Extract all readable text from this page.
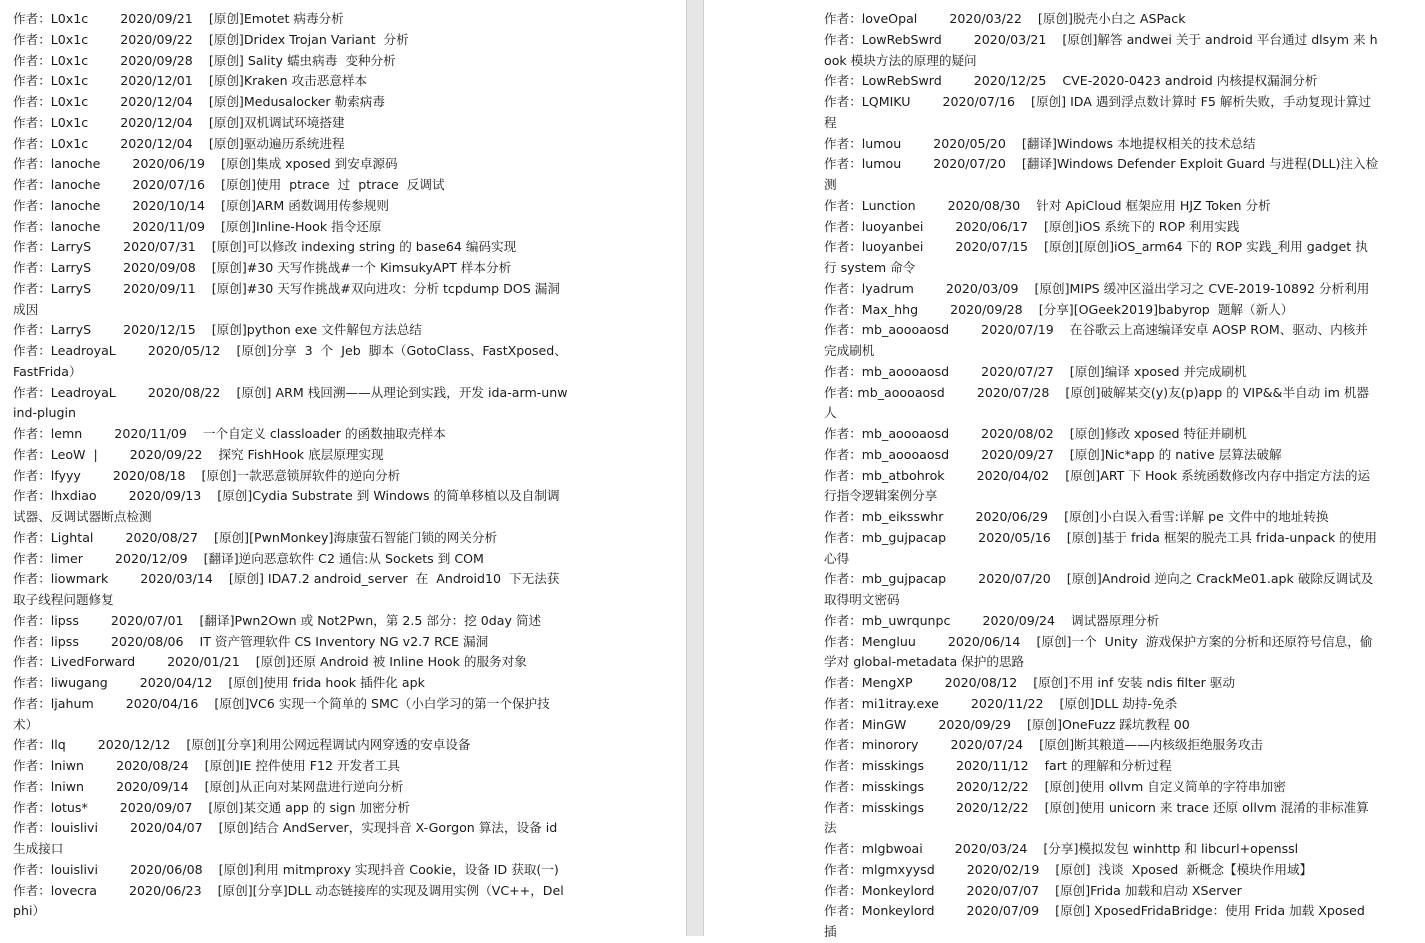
作者：L0x1c        2020/09/21    [原创]Emotet 病毒分析
作者：L0x1c        2020/09/22    [原创]Dridex Trojan Variant  分析
作者：L0x1c        2020/09/28    [原创] Sality 蠕虫病毒  变种分析
作者：L0x1c        2020/12/01    [原创]Kraken 攻击恶意样本
作者：L0x1c        2020/12/04    [原创]Medusalocker 勒索病毒
作者：L0x1c        2020/12/04    [原创]双机调试环境搭建
作者：L0x1c        2020/12/04    [原创]驱动遍历系统进程
作者：lanoche        2020/06/19    [原创]集成 xposed 到安卓源码
作者：lanoche        2020/07/16    [原创]使用  ptrace  过  ptrace  反调试
作者：lanoche        2020/10/14    [原创]ARM 函数调用传参规则
作者：lanoche        2020/11/09    [原创]Inline-Hook 指令还原
作者：LarryS        2020/07/31    [原创]可以修改 indexing string 的 base64 编码实现
作者：LarryS        2020/09/08    [原创]#30 天写作挑战#一个 KimsukyAPT 样本分析
作者：LarryS        2020/09/11    [原创]#30 天写作挑战#双向进攻：分析 tcpdump DOS 漏洞成因
作者：LarryS        2020/12/15    [原创]python exe 文件解包方法总结
作者：LeadroyaL        2020/05/12    [原创]分享  3  个  Jeb  脚本（GotoClass、FastXposed、FastFrida）
作者：LeadroyaL        2020/08/22    [原创] ARM 栈回溯——从理论到实践，开发 ida-arm-unwind-plugin
作者：lemn        2020/11/09    一个自定义 classloader 的函数抽取壳样本
作者：LeoW  |        2020/09/22    探究 FishHook 底层原理实现
作者：lfyyy        2020/08/18    [原创]一款恶意锁屏软件的逆向分析
作者：lhxdiao        2020/09/13    [原创]Cydia Substrate 到 Windows 的简单移植以及自制调试器、反调试器断点检测
作者：Lightal        2020/08/27    [原创][PwnMonkey]海康萤石智能门锁的网关分析
作者：limer        2020/12/09    [翻译]逆向恶意软件 C2 通信:从 Sockets 到 COM
作者：liowmark        2020/03/14    [原创] IDA7.2 android_server  在  Android10  下无法获取子线程问题修复
作者：lipss        2020/07/01    [翻译]Pwn2Own 或 Not2Pwn，第 2.5 部分：挖 0day 简述
作者：lipss        2020/08/06    IT 资产管理软件 CS Inventory NG v2.7 RCE 漏洞
作者：LivedForward        2020/01/21    [原创]还原 Android 被 Inline Hook 的服务对象
作者：liwugang        2020/04/12    [原创]使用 frida hook 插件化 apk
作者：ljahum        2020/04/16    [原创]VC6 实现一个简单的 SMC（小白学习的第一个保护技术）
作者：llq        2020/12/12    [原创][分享]利用公网远程调试内网穿透的安卓设备
作者：lniwn        2020/08/24    [原创]IE 控件使用 F12 开发者工具
作者：lniwn        2020/09/14    [原创]从正向对某网盘进行逆向分析
作者：lotus*        2020/09/07    [原创]某交通 app 的 sign 加密分析
作者：louislivi        2020/04/07    [原创]结合 AndServer，实现抖音 X-Gorgon 算法，设备 id 生成接口
作者：louislivi        2020/06/08    [原创]利用 mitmproxy 实现抖音 Cookie，设备 ID 获取(一)
作者：lovecra        2020/06/23    [原创][分享]DLL 动态链接库的实现及调用实例（VC++，Delphi）
作者：loveOpal        2020/03/22    [原创]脱壳小白之 ASPack
作者：LowRebSwrd        2020/03/21    [原创]解答 andwei 关于 android 平台通过 dlsym 来 hook 模块方法的原理的疑问
作者：LowRebSwrd        2020/12/25    CVE-2020-0423 android 内核提权漏洞分析
作者：LQMIKU        2020/07/16    [原创] IDA 遇到浮点数计算时 F5 解析失败，手动复现计算过程
作者：lumou        2020/05/20    [翻译]Windows 本地提权相关的技术总结
作者：lumou        2020/07/20    [翻译]Windows Defender Exploit Guard 与进程(DLL)注入检测
作者：Lunction        2020/08/30    针对 ApiCloud 框架应用 HJZ Token 分析
作者：luoyanbei        2020/06/17    [原创]iOS 系统下的 ROP 利用实践
作者：luoyanbei        2020/07/15    [原创][原创]iOS_arm64 下的 ROP 实践_利用 gadget 执行 system 命令
作者：lyadrum        2020/03/09    [原创]MIPS 缓冲区溢出学习之 CVE-2019-10892 分析利用
作者：Max_hhg        2020/09/28    [分享][OGeek2019]babyrop  题解（新人）
作者：mb_aoooaosd        2020/07/19    在谷歌云上高速编译安卓 AOSP ROM、驱动、内核并完成刷机
作者：mb_aoooaosd        2020/07/27    [原创]编译 xposed 并完成刷机
作者: mb_aoooaosd        2020/07/28    [原创]破解某交(y)友(p)app 的 VIP&&半自动 im 机器人
作者：mb_aoooaosd        2020/08/02    [原创]修改 xposed 特征并刷机
作者：mb_aoooaosd        2020/09/27    [原创]Nic*app 的 native 层算法破解
作者：mb_atbohrok        2020/04/02    [原创]ART 下 Hook 系统函数修改内存中指定方法的运行指令逻辑案例分享
作者：mb_eiksswhr        2020/06/29    [原创]小白误入看雪:详解 pe 文件中的地址转换
作者：mb_gujpacap        2020/05/16    [原创]基于 frida 框架的脱壳工具 frida-unpack 的使用心得
作者：mb_gujpacap        2020/07/20    [原创]Android 逆向之 CrackMe01.apk 破除反调试及取得明文密码
作者：mb_uwrqunpc        2020/09/24    调试器原理分析
作者：Mengluu        2020/06/14    [原创]一个  Unity  游戏保护方案的分析和还原符号信息，偷学对 global-metadata 保护的思路
作者：MengXP        2020/08/12    [原创]不用 inf 安装 ndis filter 驱动
作者：mi1itray.exe        2020/11/22    [原创]DLL 劫持-免杀
作者：MinGW        2020/09/29    [原创]OneFuzz 踩坑教程 00
作者：minorory        2020/07/24    [原创]断其粮道——内核级拒绝服务攻击
作者：misskings        2020/11/12    fart 的理解和分析过程
作者：misskings        2020/12/22    [原创]使用 ollvm 自定义简单的字符串加密
作者：misskings        2020/12/22    [原创]使用 unicorn 来 trace 还原 ollvm 混淆的非标准算法
作者：mlgbwoai        2020/03/24    [分享]模拟发包 winhttp 和 libcurl+openssl
作者：mlgmxyysd        2020/02/19    [原创]  浅谈  Xposed  新概念【模块作用域】
作者：Monkeylord        2020/07/07    [原创]Frida 加载和启动 XServer
作者：Monkeylord        2020/07/09    [原创] XposedFridaBridge：使用 Frida 加载 Xposed 插
